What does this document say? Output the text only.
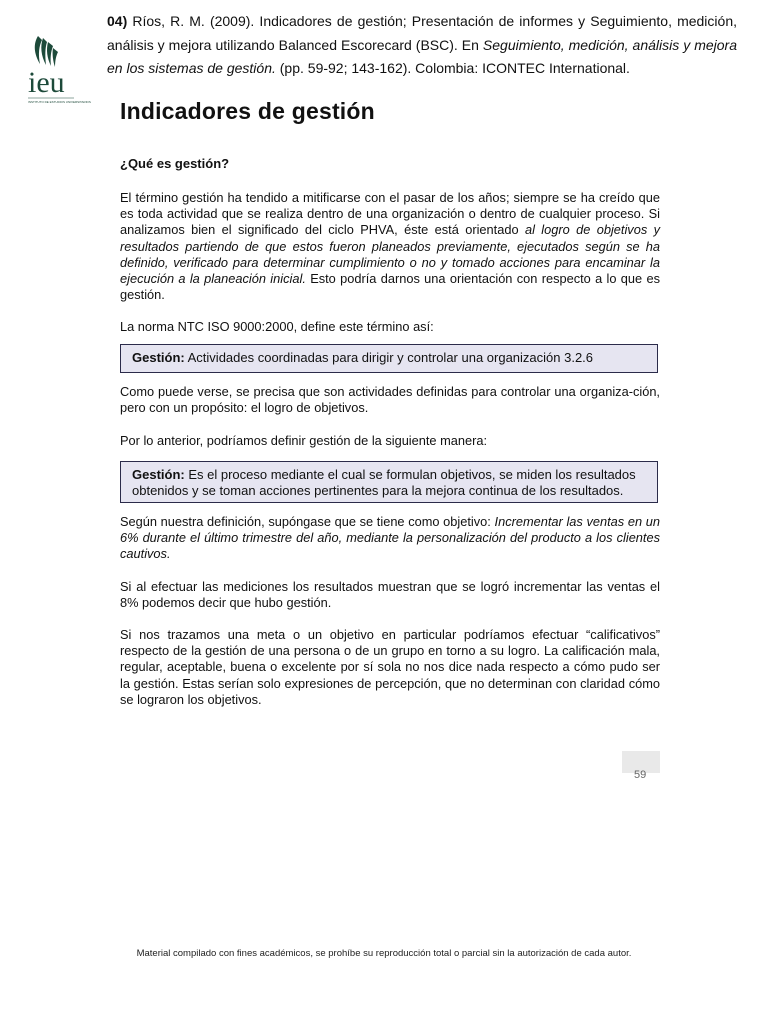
ieu
INSTITUTO DE ESTUDIOS UNIVERSITARIOS
04) Ríos, R. M. (2009). Indicadores de gestión; Presentación de informes y Seguimiento, medición, análisis y mejora utilizando Balanced Escorecard (BSC). En Seguimiento, medición, análisis y mejora en los sistemas de gestión. (pp. 59-92; 143-162). Colombia: ICONTEC International.
Indicadores de gestión
¿Qué es gestión?

El término gestión ha tendido a mitificarse con el pasar de los años; siempre se ha creído que es toda actividad que se realiza dentro de una organización o dentro de cualquier proceso. Si analizamos bien el significado del ciclo PHVA, éste está orientado al logro de objetivos y resultados partiendo de que estos fueron planeados previamente, ejecutados según se ha definido, verificado para determinar cumplimiento o no y tomado acciones para encaminar la ejecución a la planeación inicial. Esto podría darnos una orientación con respecto a lo que es gestión.

La norma NTC ISO 9000:2000, define este término así:

Gestión: Actividades coordinadas para dirigir y controlar una organización 3.2.6

Como puede verse, se precisa que son actividades definidas para controlar una organiza-ción, pero con un propósito: el logro de objetivos.

Por lo anterior, podríamos definir gestión de la siguiente manera:

Gestión: Es el proceso mediante el cual se formulan objetivos, se miden los resultados obtenidos y se toman acciones pertinentes para la mejora continua de los resultados.

Según nuestra definición, supóngase que se tiene como objetivo: Incrementar las ventas en un 6% durante el último trimestre del año, mediante la personalización del producto a los clientes cautivos.

Si al efectuar las mediciones los resultados muestran que se logró incrementar las ventas el 8% podemos decir que hubo gestión.

Si nos trazamos una meta o un objetivo en particular podríamos efectuar “calificativos” respecto de la gestión de una persona o de un grupo en torno a su logro. La calificación mala, regular, aceptable, buena o excelente por sí sola no nos dice nada respecto a cómo pudo ser la gestión. Estas serían solo expresiones de percepción, que no determinan con claridad cómo se lograron los objetivos.

59
Material compilado con fines académicos, se prohíbe su reproducción total o parcial sin la autorización de cada autor.
